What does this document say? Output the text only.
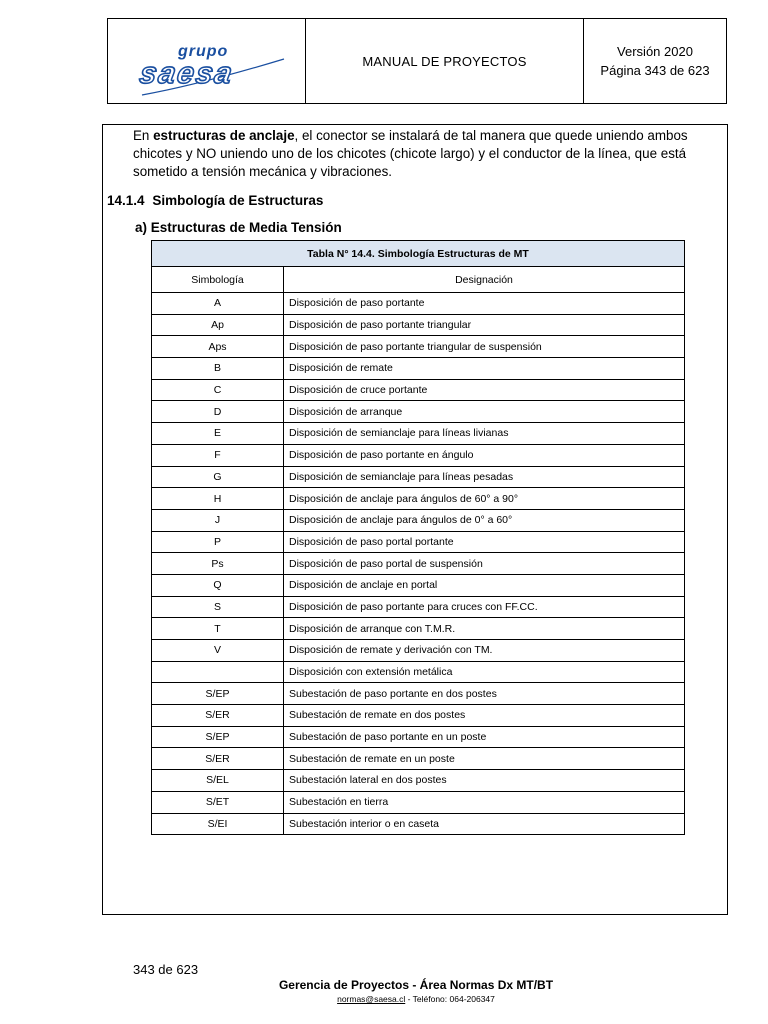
grupo
saesa	MANUAL DE PROYECTOS
Versión 2020
Página 343 de 623

En estructuras de anclaje, el conector se instalará de tal manera que quede uniendo ambos chicotes y NO uniendo uno de los chicotes (chicote largo) y el conductor de la línea, que está sometido a tensión mecánica y vibraciones.

14.1.4 Simbología de Estructuras
a) Estructuras de Media Tensión
Tabla N° 14.4. Simbología Estructuras de MT	
Simbología	Designación
A	Disposición de paso portante
Ap	Disposición de paso portante triangular
Aps	Disposición de paso portante triangular de suspensión
B	Disposición de remate
C	Disposición de cruce portante
D	Disposición de arranque
E	Disposición de semianclaje para líneas livianas
F	Disposición de paso portante en ángulo
G	Disposición de semianclaje para líneas pesadas
H	Disposición de anclaje para ángulos de 60° a 90°
J	Disposición de anclaje para ángulos de 0° a 60°
P	Disposición de paso portal portante
Ps	Disposición de paso portal de suspensión
Q	Disposición de anclaje en portal
S	Disposición de paso portante para cruces con FF.CC.
T	Disposición de arranque con T.M.R.
V	Disposición de remate y derivación con TM.
	Disposición con extensión metálica
S/EP	Subestación de paso portante en dos postes
S/ER	Subestación de remate en dos postes
S/EP	Subestación de paso portante en un poste
S/ER	Subestación de remate en un poste
S/EL	Subestación lateral en dos postes
S/ET	Subestación en tierra
S/EI	Subestación interior o en caseta
343 de 623
Gerencia de Proyectos - Área Normas Dx MT/BT
normas@saesa.cl - Teléfono: 064-206347
